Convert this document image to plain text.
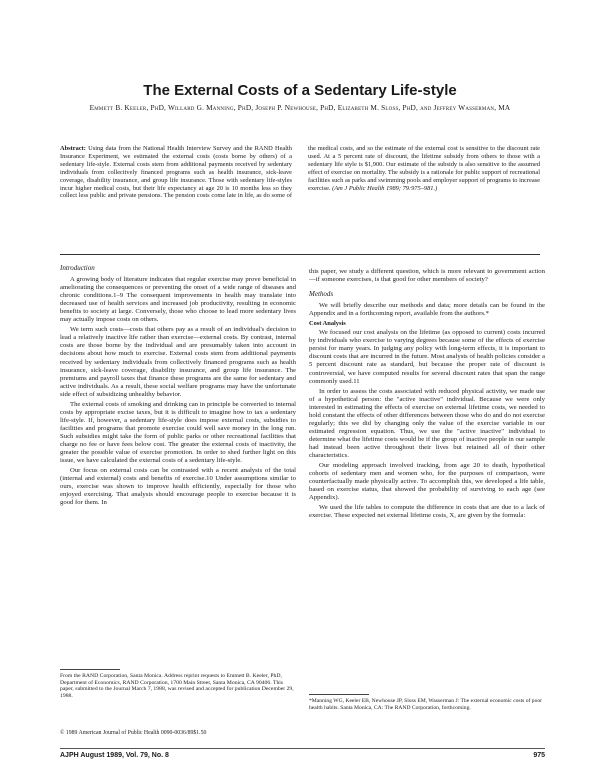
The External Costs of a Sedentary Life-style
Emmett B. Keeler, PhD, Willard G. Manning, PhD, Joseph P. Newhouse, PhD, Elizabeth M. Sloss, PhD, and Jeffrey Wasserman, MA
Abstract: Using data from the National Health Interview Survey and the RAND Health Insurance Experiment, we estimated the external costs (costs borne by others) of a sedentary life-style. External costs stem from additional payments received by sedentary individuals from collectively financed programs such as health insurance, sick-leave coverage, disability insurance, and group life insurance. Those with sedentary life-styles incur higher medical costs, but their life expectancy at age 20 is 10 months less so they collect less public and private pensions. The pension costs come late in life, as do some of the medical costs, and so the estimate of the external cost is sensitive to the discount rate used. At a 5 percent rate of discount, the lifetime subsidy from others to those with a sedentary life style is $1,900. Our estimate of the subsidy is also sensitive to the assumed effect of exercise on mortality. The subsidy is a rationale for public support of recreational facilities such as parks and swimming pools and employer support of programs to increase exercise. (Am J Public Health 1989; 79:975–981.)
Introduction

A growing body of literature indicates that regular exercise may prove beneficial in ameliorating the consequences or preventing the onset of a wide range of diseases and chronic conditions.1–9 The consequent improvements in health may translate into decreased use of health services and increased job productivity, resulting in economic benefits to society at large. Conversely, those who choose to lead more sedentary lives may actually impose costs on others.

We term such costs—costs that others pay as a result of an individual's decision to lead a relatively inactive life rather than exercise—external costs. By contrast, internal costs are those borne by the individual and are presumably taken into account in decisions about how much to exercise. External costs stem from additional payments received by sedentary individuals from collectively financed programs such as health insurance, sick-leave coverage, disability insurance, and group life insurance. The premiums and payroll taxes that finance these programs are the same for sedentary and active individuals. As a result, these social welfare programs may have the unfortunate side effect of subsidizing unhealthy behavior.

The external costs of smoking and drinking can in principle be converted to internal costs by appropriate excise taxes, but it is difficult to imagine how to tax a sedentary life-style. If, however, a sedentary life-style does impose external costs, subsidies to facilities and programs that promote exercise could well save money in the long run. Such subsidies might take the form of public parks or other recreational facilities that charge no fee or have fees below cost. The greater the external costs of inactivity, the greater the possible value of exercise promotion. In order to shed further light on this issue, we have calculated the external costs of a sedentary life-style.

Our focus on external costs can be contrasted with a recent analysis of the total (internal and external) costs and benefits of exercise.10 Under assumptions similar to ours, exercise was shown to improve health efficiently, especially for those who enjoyed exercising. That analysis should encourage people to exercise because it is good for them. In

From the RAND Corporation, Santa Monica. Address reprint requests to Emmett B. Keeler, PhD, Department of Economics, RAND Corporation, 1700 Main Street, Santa Monica, CA 90406. This paper, submitted to the Journal March 7, 1988, was revised and accepted for publication December 29, 1988.
© 1989 American Journal of Public Health 0090-0036/89$1.50

this paper, we study a different question, which is more relevant to government action—if someone exercises, is that good for other members of society?

Methods

We will briefly describe our methods and data; more details can be found in the Appendix and in a forthcoming report, available from the authors.*

Cost Analysis

We focused our cost analysis on the lifetime (as opposed to current) costs incurred by individuals who exercise to varying degrees because some of the effects of exercise persist for many years. In judging any policy with long-term effects, it is important to discount costs that are incurred in the future. Most analysts of health policies consider a 5 percent discount rate as standard, but because the proper rate of discount is controversial, we have computed results for several discount rates that span the range commonly used.11

In order to assess the costs associated with reduced physical activity, we made use of a hypothetical person: the "active inactive" individual. Because we were only interested in estimating the effects of exercise on external lifetime costs, we needed to hold constant the effects of other differences between those who do and do not exercise regularly; this we did by changing only the value of the exercise variable in our estimated regression equation. Thus, we use the "active inactive" individual to determine what the lifetime costs would be if the group of inactive people in our sample had instead been active throughout their lives but retained all of their other characteristics.

Our modeling approach involved tracking, from age 20 to death, hypothetical cohorts of sedentary men and women who, for the purposes of comparison, were counterfactually made physically active. To accomplish this, we developed a life table, based on exercise status, that showed the probability of surviving to each age (see Appendix).

We used the life tables to compute the difference in costs that are due to a lack of exercise. These expected net external lifetime costs, X, are given by the formula:

*Manning WG, Keeler EB, Newhouse JP, Sloss EM, Wasserman J: The external economic costs of poor health habits. Santa Monica, CA: The RAND Corporation, forthcoming.
AJPH August 1989, Vol. 79, No. 8	975
